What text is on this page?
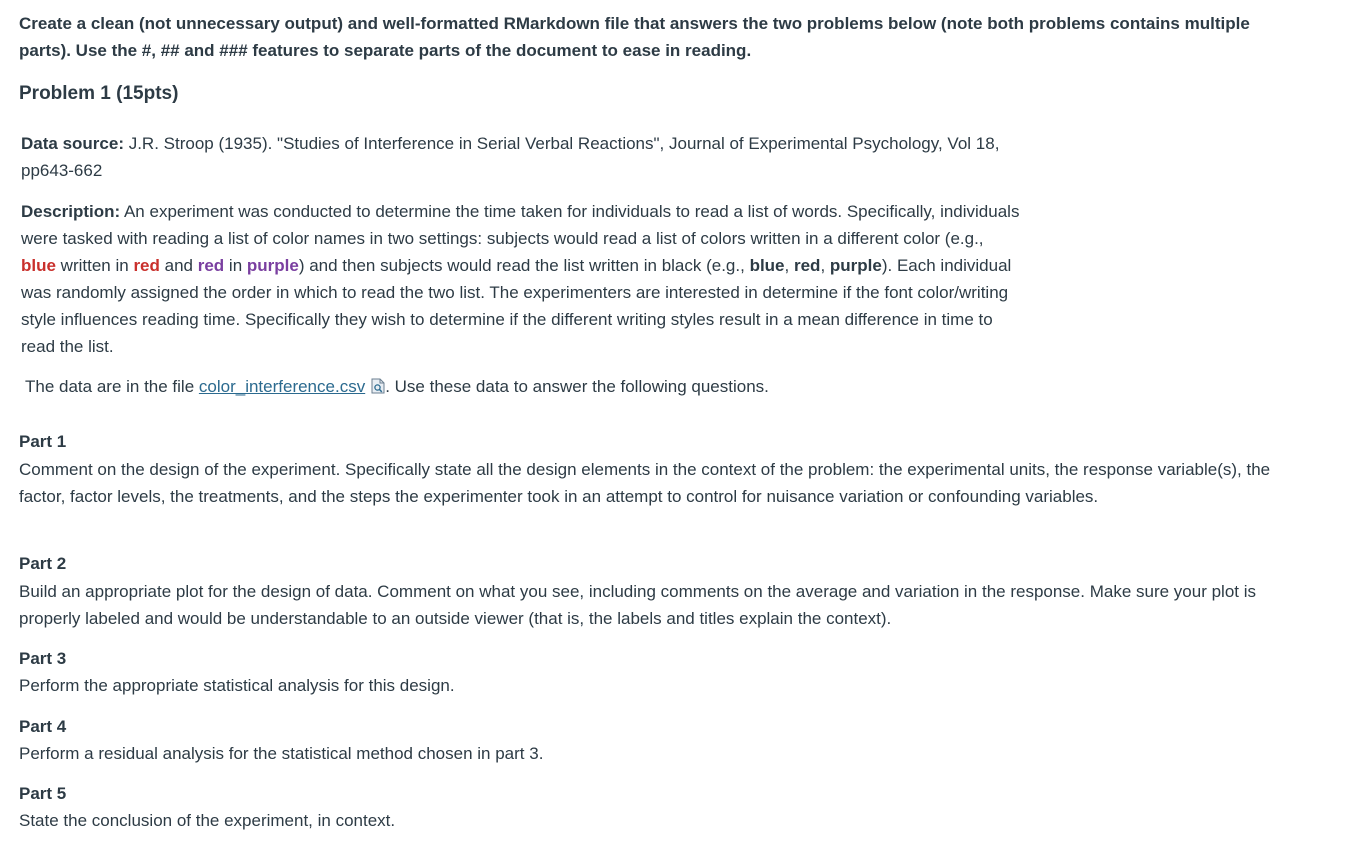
Create a clean (not unnecessary output) and well-formatted RMarkdown file that answers the two problems below (note both problems contains multiple parts). Use the #, ## and ### features to separate parts of the document to ease in reading.
Problem 1 (15pts)
Data source: J.R. Stroop (1935). "Studies of Interference in Serial Verbal Reactions", Journal of Experimental Psychology, Vol 18, pp643-662
Description: An experiment was conducted to determine the time taken for individuals to read a list of words. Specifically, individuals were tasked with reading a list of color names in two settings: subjects would read a list of colors written in a different color (e.g., blue written in red and red in purple) and then subjects would read the list written in black (e.g., blue, red, purple). Each individual was randomly assigned the order in which to read the two list. The experimenters are interested in determine if the font color/writing style influences reading time. Specifically they wish to determine if the different writing styles result in a mean difference in time to read the list.
The data are in the file color_interference.csv . Use these data to answer the following questions.
Part 1
Comment on the design of the experiment. Specifically state all the design elements in the context of the problem: the experimental units, the response variable(s), the factor, factor levels, the treatments, and the steps the experimenter took in an attempt to control for nuisance variation or confounding variables.
Part 2
Build an appropriate plot for the design of data. Comment on what you see, including comments on the average and variation in the response. Make sure your plot is properly labeled and would be understandable to an outside viewer (that is, the labels and titles explain the context).
Part 3
Perform the appropriate statistical analysis for this design.
Part 4
Perform a residual analysis for the statistical method chosen in part 3.
Part 5
State the conclusion of the experiment, in context.
